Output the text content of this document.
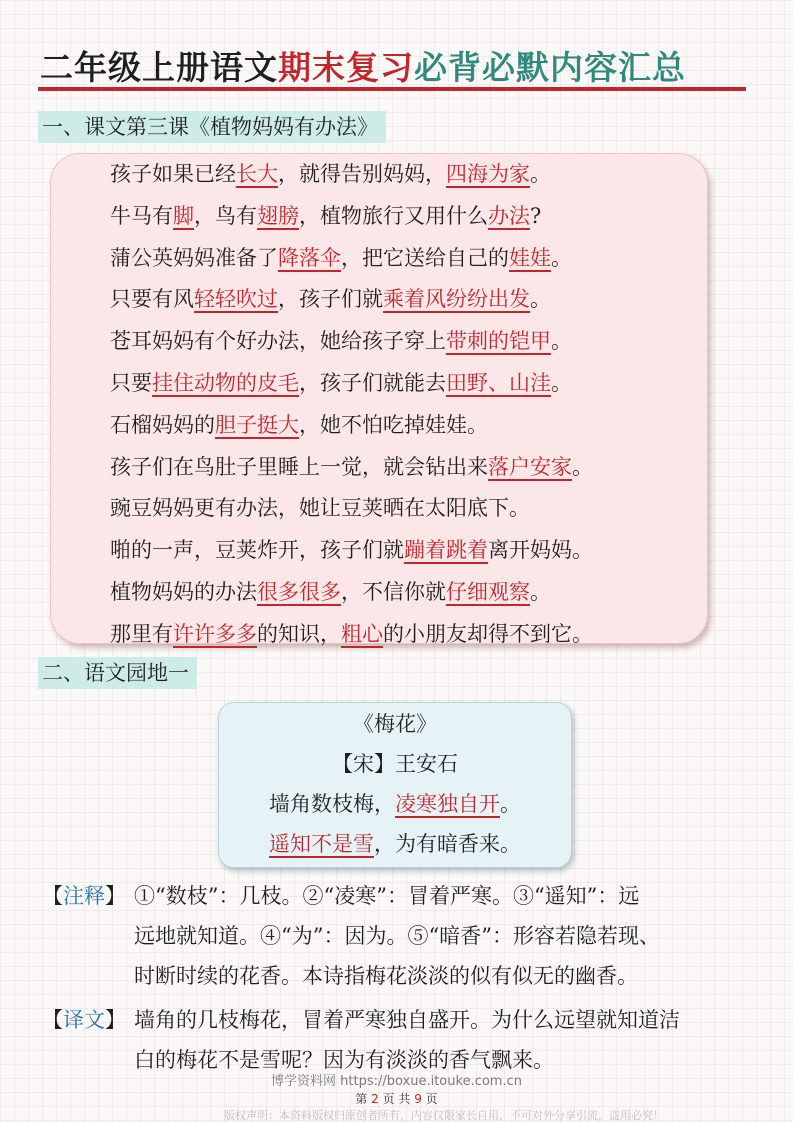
二年级上册语文期末复习必背必默内容汇总
一、课文第三课《植物妈妈有办法》
孩子如果已经长大，就得告别妈妈，四海为家。
牛马有脚，鸟有翅膀，植物旅行又用什么办法?
蒲公英妈妈准备了降落伞，把它送给自己的娃娃。
只要有风轻轻吹过，孩子们就乘着风纷纷出发。
苍耳妈妈有个好办法，她给孩子穿上带刺的铠甲。
只要挂住动物的皮毛，孩子们就能去田野、山洼。
石榴妈妈的胆子挺大，她不怕吃掉娃娃。
孩子们在鸟肚子里睡上一觉，就会钻出来落户安家。
豌豆妈妈更有办法，她让豆荚晒在太阳底下。
啪的一声，豆荚炸开，孩子们就蹦着跳着离开妈妈。
植物妈妈的办法很多很多，不信你就仔细观察。
那里有许许多多的知识，粗心的小朋友却得不到它。
二、语文园地一
《梅花》
【宋】王安石
墙角数枝梅，凌寒独自开。
遥知不是雪，为有暗香来。
【注释】 ①“数枝”：几枝。②“凌寒”：冒着严寒。③“遥知”：远
远地就知道。④“为”：因为。⑤“暗香”：形容若隐若现、
时断时续的花香。本诗指梅花淡淡的似有似无的幽香。
【译文】 墙角的几枝梅花，冒着严寒独自盛开。为什么远望就知道洁
白的梅花不是雪呢？因为有淡淡的香气飘来。
博学资料网 https://boxue.itouke.com.cn
第 2 页 共 9 页
版权声明：本资料版权归原创者所有，内容仅限家长自用，不可对外分享引流，盗用必究！
